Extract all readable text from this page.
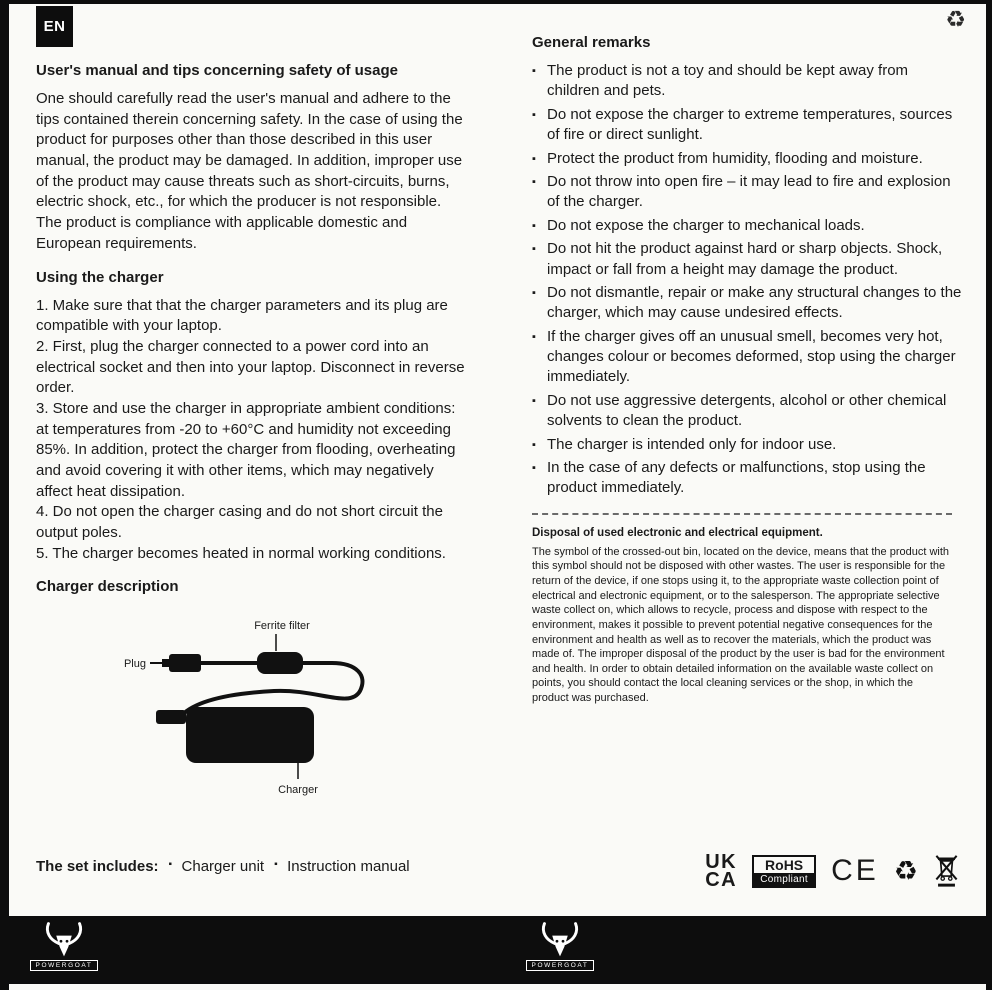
EN	♻
User's manual and tips concerning safety of usage

One should carefully read the user's manual and adhere to the tips contained therein concerning safety. In the case of using the product for purposes other than those described in this user manual, the product may be damaged. In addition, improper use of the product may cause threats such as short-circuits, burns, electric shock, etc., for which the producer is not responsible. The product is compliance with applicable domestic and European requirements.

Using the charger

1. Make sure that that the charger parameters and its plug are compatible with your laptop.

2. First, plug the charger connected to a power cord into an electrical socket and then into your laptop. Disconnect in reverse order.

3. Store and use the charger in appropriate ambient conditions: at temperatures from -20 to +60°C and humidity not exceeding 85%. In addition, protect the charger from flooding, overheating and avoid covering it with other items, which may negatively affect heat dissipation.

4. Do not open the charger casing and do not short circuit the output poles.

5. The charger becomes heated in normal working conditions.

Charger description
Ferrite filter
Plug
Charger
The set includes:	▪ Charger unit	▪ Instruction manual
General remarks
▪ The product is not a toy and should be kept away from children and pets.
▪ Do not expose the charger to extreme temperatures, sources of fire or direct sunlight.
▪ Protect the product from humidity, flooding and moisture.
▪ Do not throw into open fire – it may lead to fire and explosion of the charger.
▪ Do not expose the charger to mechanical loads.
▪ Do not hit the product against hard or sharp objects. Shock, impact or fall from a height may damage the product.
▪ Do not dismantle, repair or make any structural changes to the charger, which may cause undesired effects.
▪ If the charger gives off an unusual smell, becomes very hot, changes colour or becomes deformed, stop using the charger immediately.
▪ Do not use aggressive detergents, alcohol or other chemical solvents to clean the product.
▪ The charger is intended only for indoor use.
▪ In the case of any defects or malfunctions, stop using the product immediately.

Disposal of used electronic and electrical equipment.

The symbol of the crossed-out bin, located on the device, means that the product with this symbol should not be disposed with other wastes. The user is responsible for the return of the device, if one stops using it, to the appropriate waste collection point of electrical and electronic equipment, or to the salesperson. The appropriate selective waste collect on, which allows to recycle, process and dispose with respect to the environment, makes it possible to prevent potential negative consequences for the environment and health as well as to recover the materials, which the product was made of. The improper disposal of the product by the user is bad for the environment and health. In order to obtain detailed information on the available waste collect on points, you should contact the local cleaning services or the shop, in which the product was purchased.

UK
CA
RoHS
Compliant CE ♻
POWERGOAT	POWERGOAT
